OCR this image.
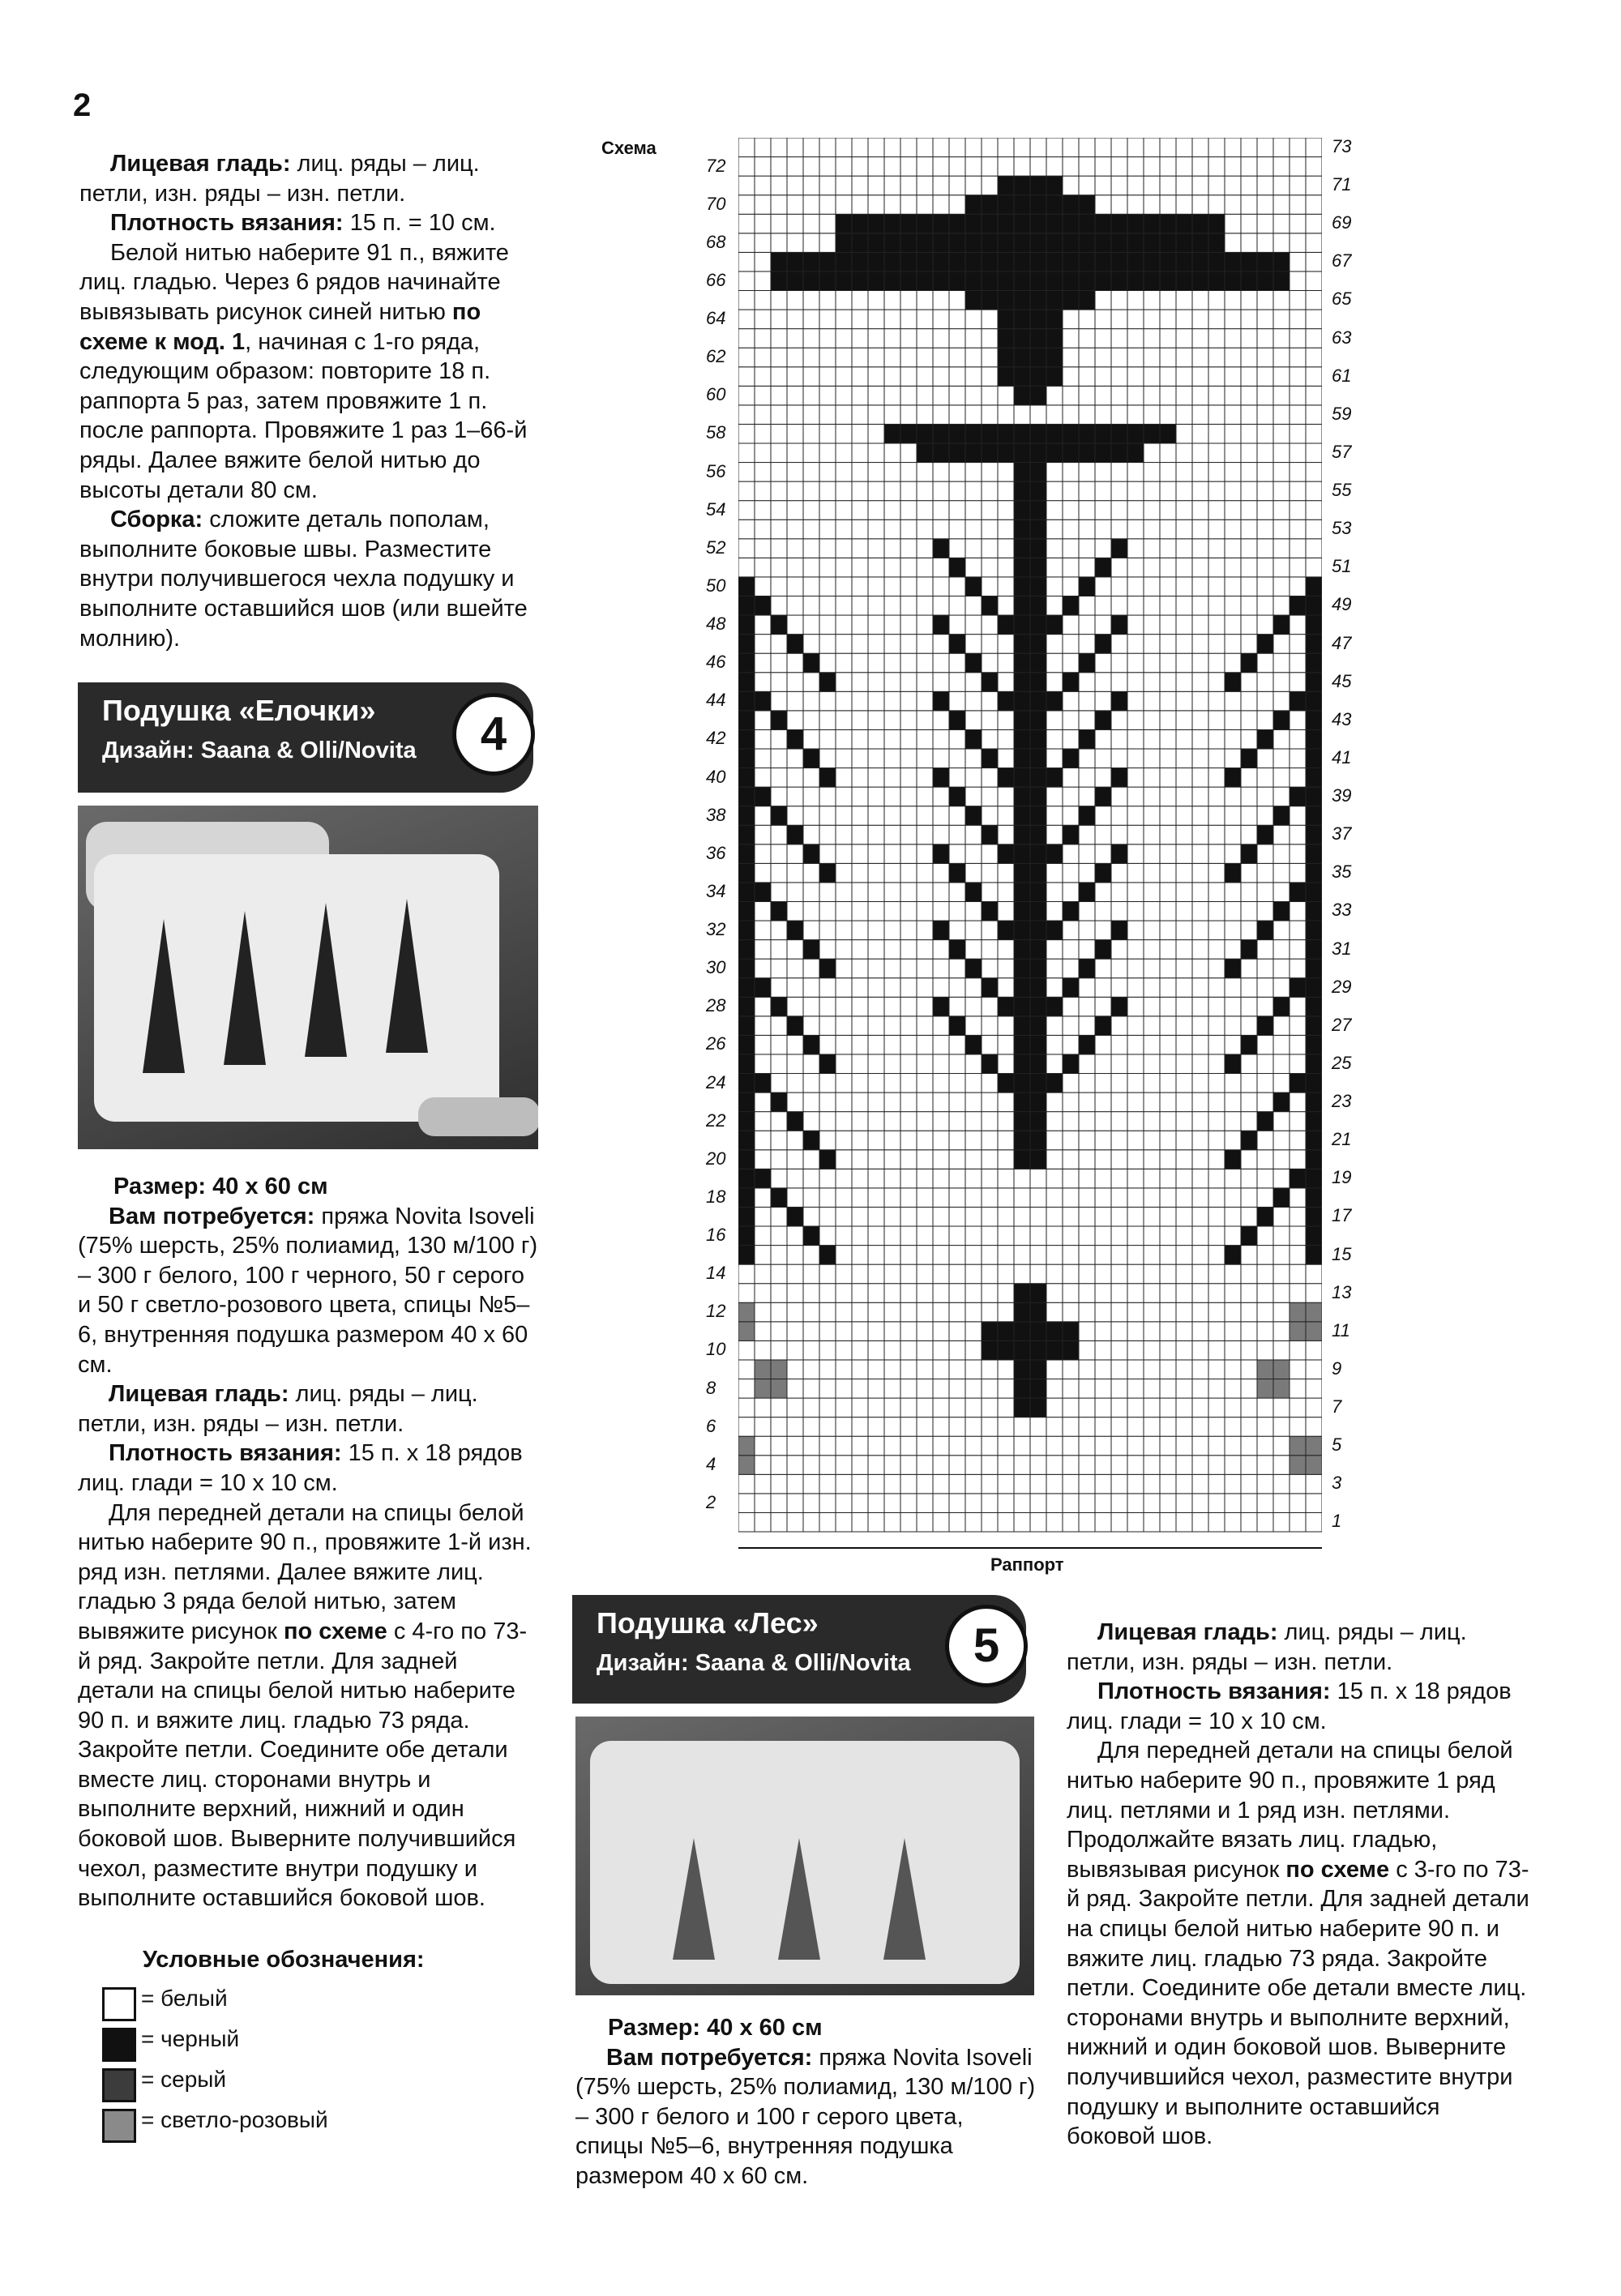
2

Лицевая гладь: лиц. ряды – лиц. петли, изн. ряды – изн. петли.

Плотность вязания: 15 п. = 10 см.

Белой нитью наберите 91 п., вяжите лиц. гладью. Через 6 рядов начинайте вывязывать рисунок синей нитью по схеме к мод. 1, начиная с 1-го ряда, следующим образом: повторите 18 п. раппорта 5 раз, затем провяжите 1 п. после раппорта. Провяжите 1 раз 1–66-й ряды. Далее вяжите белой нитью до высоты детали 80 см.

Сборка: сложите деталь пополам, выполните боковые швы. Разместите внутри получившегося чехла подушку и выполните оставшийся шов (или вшейте молнию).

Подушка «Елочки»
Дизайн: Saana & Olli/Novita	4

Размер: 40 x 60 см

Вам потребуется: пряжа Novita Isoveli (75% шерсть, 25% полиамид, 130 м/100 г) – 300 г белого, 100 г черного, 50 г серого и 50 г светло-розового цвета, спицы №5–6, внутренняя подушка размером 40 x 60 см.

Лицевая гладь: лиц. ряды – лиц. петли, изн. ряды – изн. петли.

Плотность вязания: 15 п. x 18 рядов лиц. глади = 10 x 10 см.

Для передней детали на спицы белой нитью наберите 90 п., провяжите 1-й изн. ряд изн. петлями. Далее вяжите лиц. гладью 3 ряда белой нитью, затем вывяжите рисунок по схеме с 4-го по 73-й ряд. Закройте петли. Для задней детали на спицы белой нитью наберите 90 п. и вяжите лиц. гладью 73 ряда. Закройте петли. Соедините обе детали вместе лиц. сторонами внутрь и выполните верхний, нижний и один боковой шов. Выверните получившийся чехол, разместите внутри подушку и выполните оставшийся боковой шов.

Условные обозначения:
= белый
= черный
= серый
= светло-розовый
Схема
2
4
6
8
10
12
14
16
18
20
22
24
26
28
30
32
34
36
38
40
42
44
46
48
50
52
54
56
58
60
62
64
66
68
70
72
1
3
5
7
9
11
13
15
17
19
21
23
25
27
29
31
33
35
37
39
41
43
45
47
49
51
53
55
57
59
61
63
65
67
69
71
73
Раппорт
Подушка «Лес»
Дизайн: Saana & Olli/Novita	5

Размер: 40 x 60 см

Вам потребуется: пряжа Novita Isoveli (75% шерсть, 25% полиамид, 130 м/100 г) – 300 г белого и 100 г серого цвета, спицы №5–6, внутренняя подушка размером 40 x 60 см.

Лицевая гладь: лиц. ряды – лиц. петли, изн. ряды – изн. петли.

Плотность вязания: 15 п. x 18 рядов лиц. глади = 10 x 10 см.

Для передней детали на спицы белой нитью наберите 90 п., провяжите 1 ряд лиц. петлями и 1 ряд изн. петлями. Продолжайте вязать лиц. гладью, вывязывая рисунок по схеме с 3-го по 73-й ряд. Закройте петли. Для задней детали на спицы белой нитью наберите 90 п. и вяжите лиц. гладью 73 ряда. Закройте петли. Соедините обе детали вместе лиц. сторонами внутрь и выполните верхний, нижний и один боковой шов. Выверните получившийся чехол, разместите внутри подушку и выполните оставшийся боковой шов.
